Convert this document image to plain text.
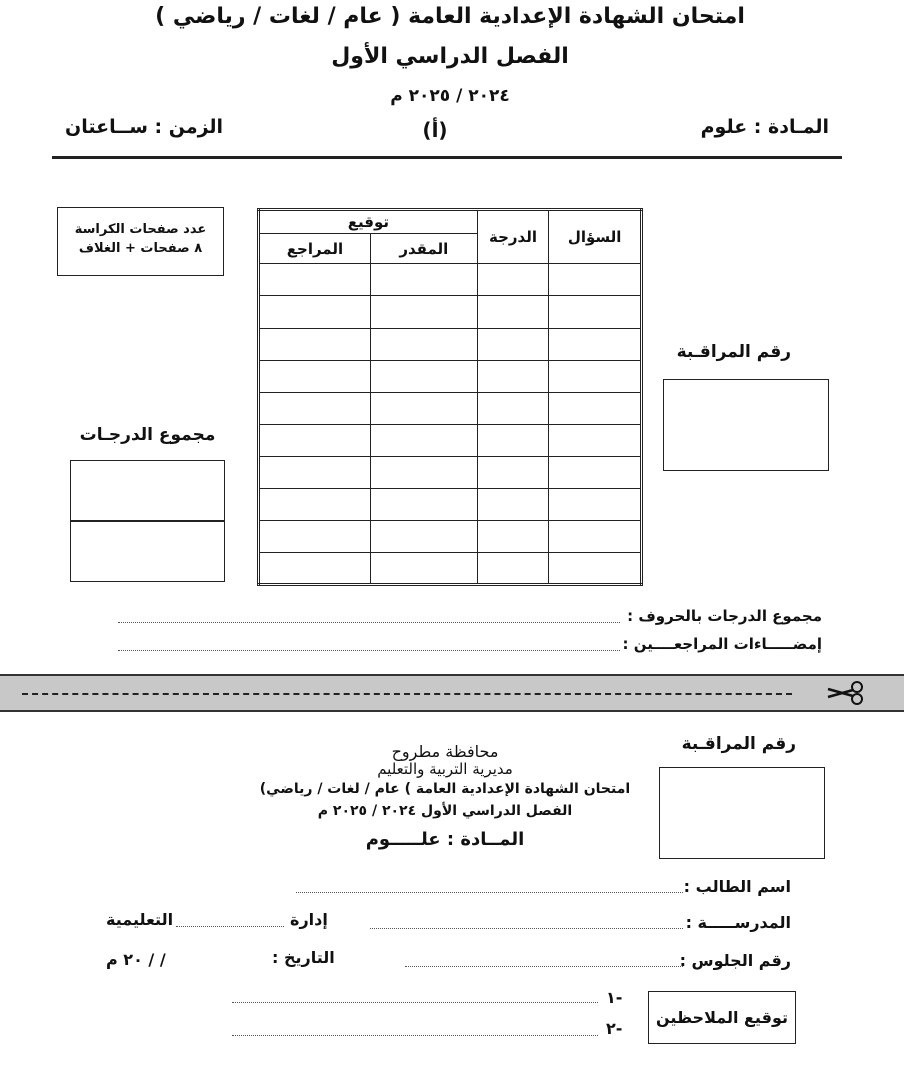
امتحان الشهادة الإعدادية العامة ( عام / لغات / رياضي )
الفصل الدراسي الأول
٢٠٢٤ / ٢٠٢٥ م
المـادة : علوم
(أ)
الزمن : ســاعتان
عدد صفحات الكراسة
٨ صفحات + الغلاف
السؤال	الدرجة	توقيع	
		المقدر	المراجع

رقم المراقـبة
مجموع الدرجـات
مجموع الدرجات بالحروف :
إمضـــــاءات المراجعــــين :
رقم المراقـبة
محافظة مطروح
مديرية التربية والتعليم
امتحان الشهادة الإعدادية العامة ) عام / لغات / رياضي)
الفصل الدراسي الأول ٢٠٢٤ / ٢٠٢٥ م
المــادة : علـــــوم
اسم الطالب :
المدرســـــة :
إدارة
التعليمية
رقم الجلوس :
التاريخ :
٢٠ م / /
-١
-٢
توقيع الملاحظين
